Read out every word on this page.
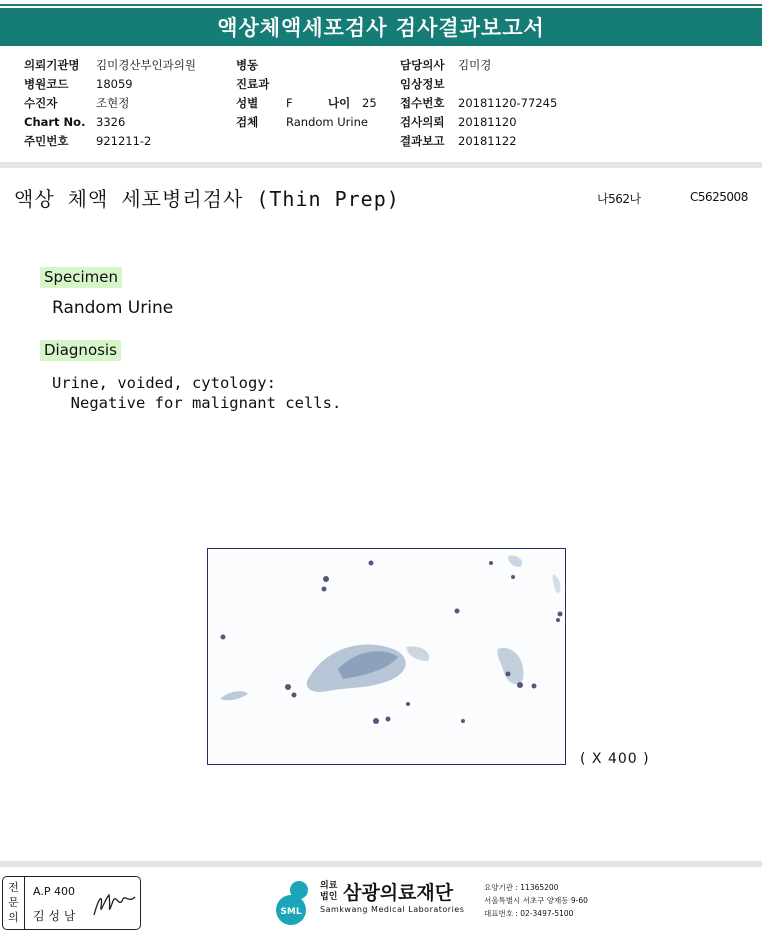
액상체액세포검사 검사결과보고서
의뢰기관명 김미경산부인과의원
병원코드 18059
수진자	조현정
Chart No. 3326
주민번호 921211-2
병동
진료과
성별 F	나이 25
검체 Random Urine
담당의사 김미경
임상정보
접수번호 20181120-77245
검사의뢰 20181120
결과보고 20181122
액상 체액 세포병리검사 (Thin Prep)	나562나	C5625008
Specimen
Random Urine
Diagnosis
Urine, voided, cytology:
Negative for malignant cells.
( X 400 )
전
문
의
A.P 400
김 성 남	SML
의료
법인 삼광의료재단
Samkwang Medical Laboratories
요양기관 : 11365200
서울특별시 서초구 양재동 9-60
대표번호 : 02-3497-5100
